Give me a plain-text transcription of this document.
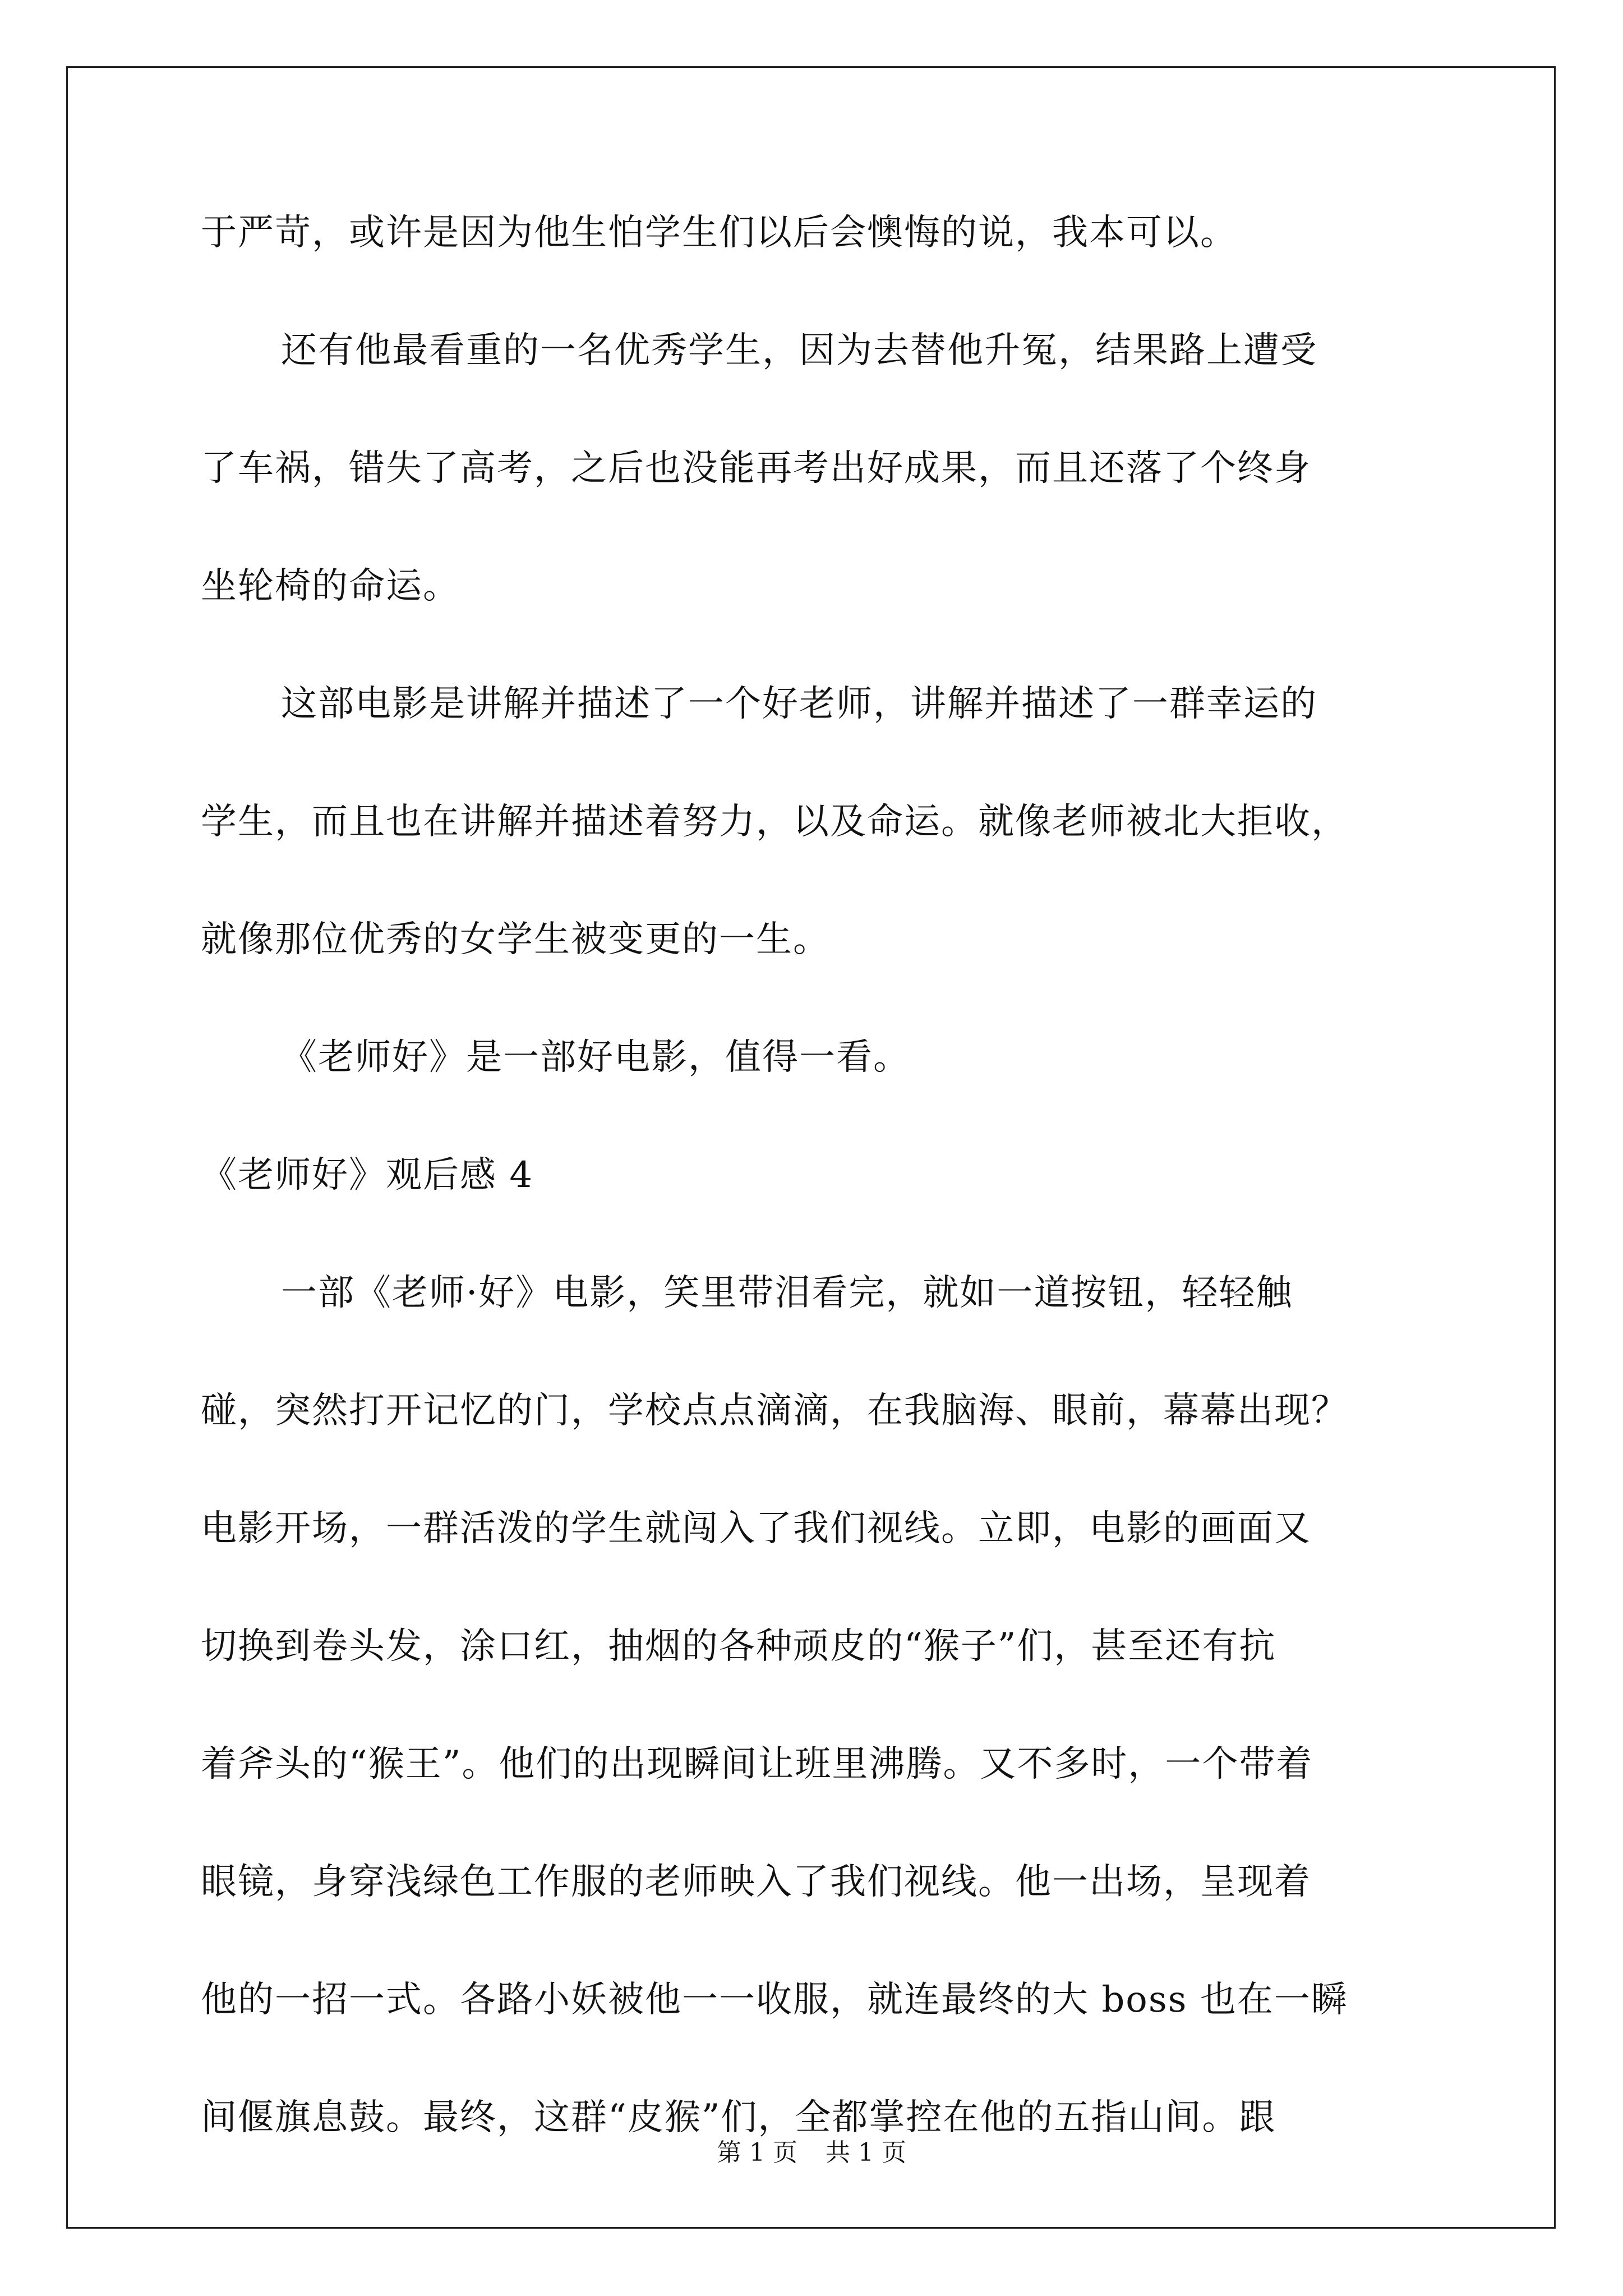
于严苛，或许是因为他生怕学生们以后会懊悔的说，我本可以。
还有他最看重的一名优秀学生，因为去替他升冤，结果路上遭受
了车祸，错失了高考，之后也没能再考出好成果，而且还落了个终身
坐轮椅的命运。
这部电影是讲解并描述了一个好老师，讲解并描述了一群幸运的
学生，而且也在讲解并描述着努力，以及命运。就像老师被北大拒收，
就像那位优秀的女学生被变更的一生。
《老师好》是一部好电影，值得一看。
《老师好》观后感 4
一部《老师·好》电影，笑里带泪看完，就如一道按钮，轻轻触
碰，突然打开记忆的门，学校点点滴滴，在我脑海、眼前，幕幕出现？
电影开场，一群活泼的学生就闯入了我们视线。立即，电影的画面又
切换到卷头发，涂口红，抽烟的各种顽皮的“猴子”们，甚至还有抗
着斧头的“猴王”。他们的出现瞬间让班里沸腾。又不多时，一个带着
眼镜，身穿浅绿色工作服的老师映入了我们视线。他一出场，呈现着
他的一招一式。各路小妖被他一一收服，就连最终的大 boss 也在一瞬
间偃旗息鼓。最终，这群“皮猴”们，全都掌控在他的五指山间。跟
第 1 页 共 1 页
